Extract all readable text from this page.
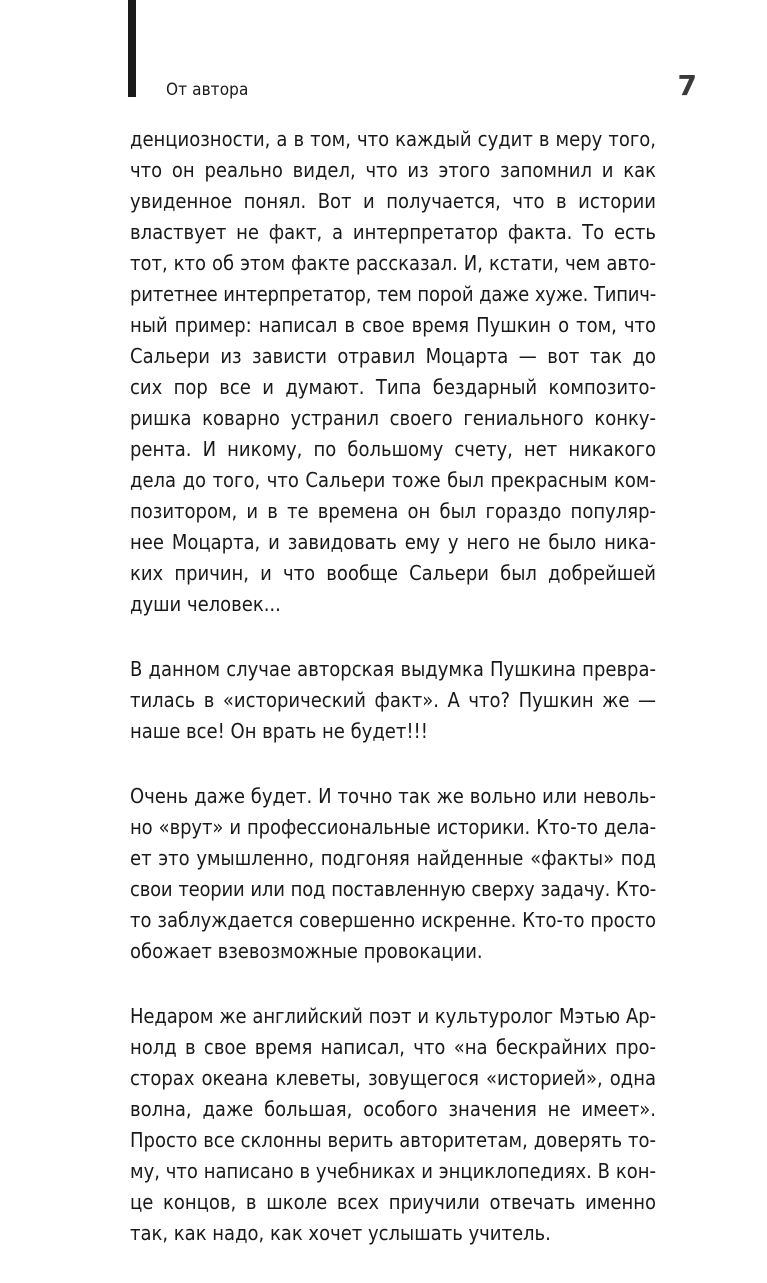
От автора	7
денциозности, а в том, что каждый судит в меру того,
что он реально видел, что из этого запомнил и как
увиденное понял. Вот и получается, что в истории
властвует не факт, а интерпретатор факта. То есть
тот, кто об этом факте рассказал. И, кстати, чем авто-
ритетнее интерпретатор, тем порой даже хуже. Типич-
ный пример: написал в свое время Пушкин о том, что
Сальери из зависти отравил Моцарта — вот так до
сих пор все и думают. Типа бездарный композито-
ришка коварно устранил своего гениального конку-
рента. И никому, по большому счету, нет никакого
дела до того, что Сальери тоже был прекрасным ком-
позитором, и в те времена он был гораздо популяр-
нее Моцарта, и завидовать ему у него не было ника-
ких причин, и что вообще Сальери был добрейшей
души человек...
В данном случае авторская выдумка Пушкина превра-
тилась в «исторический факт». А что? Пушкин же —
наше все! Он врать не будет!!!
Очень даже будет. И точно так же вольно или неволь-
но «врут» и профессиональные историки. Кто-то дела-
ет это умышленно, подгоняя найденные «факты» под
свои теории или под поставленную сверху задачу. Кто-
то заблуждается совершенно искренне. Кто-то просто
обожает взевозможные провокации.
Недаром же английский поэт и культуролог Мэтью Ар-
нолд в свое время написал, что «на бескрайних про-
сторах океана клеветы, зовущегося «историей», одна
волна, даже большая, особого значения не имеет».
Просто все склонны верить авторитетам, доверять то-
му, что написано в учебниках и энциклопедиях. В кон-
це концов, в школе всех приучили отвечать именно
так, как надо, как хочет услышать учитель.
